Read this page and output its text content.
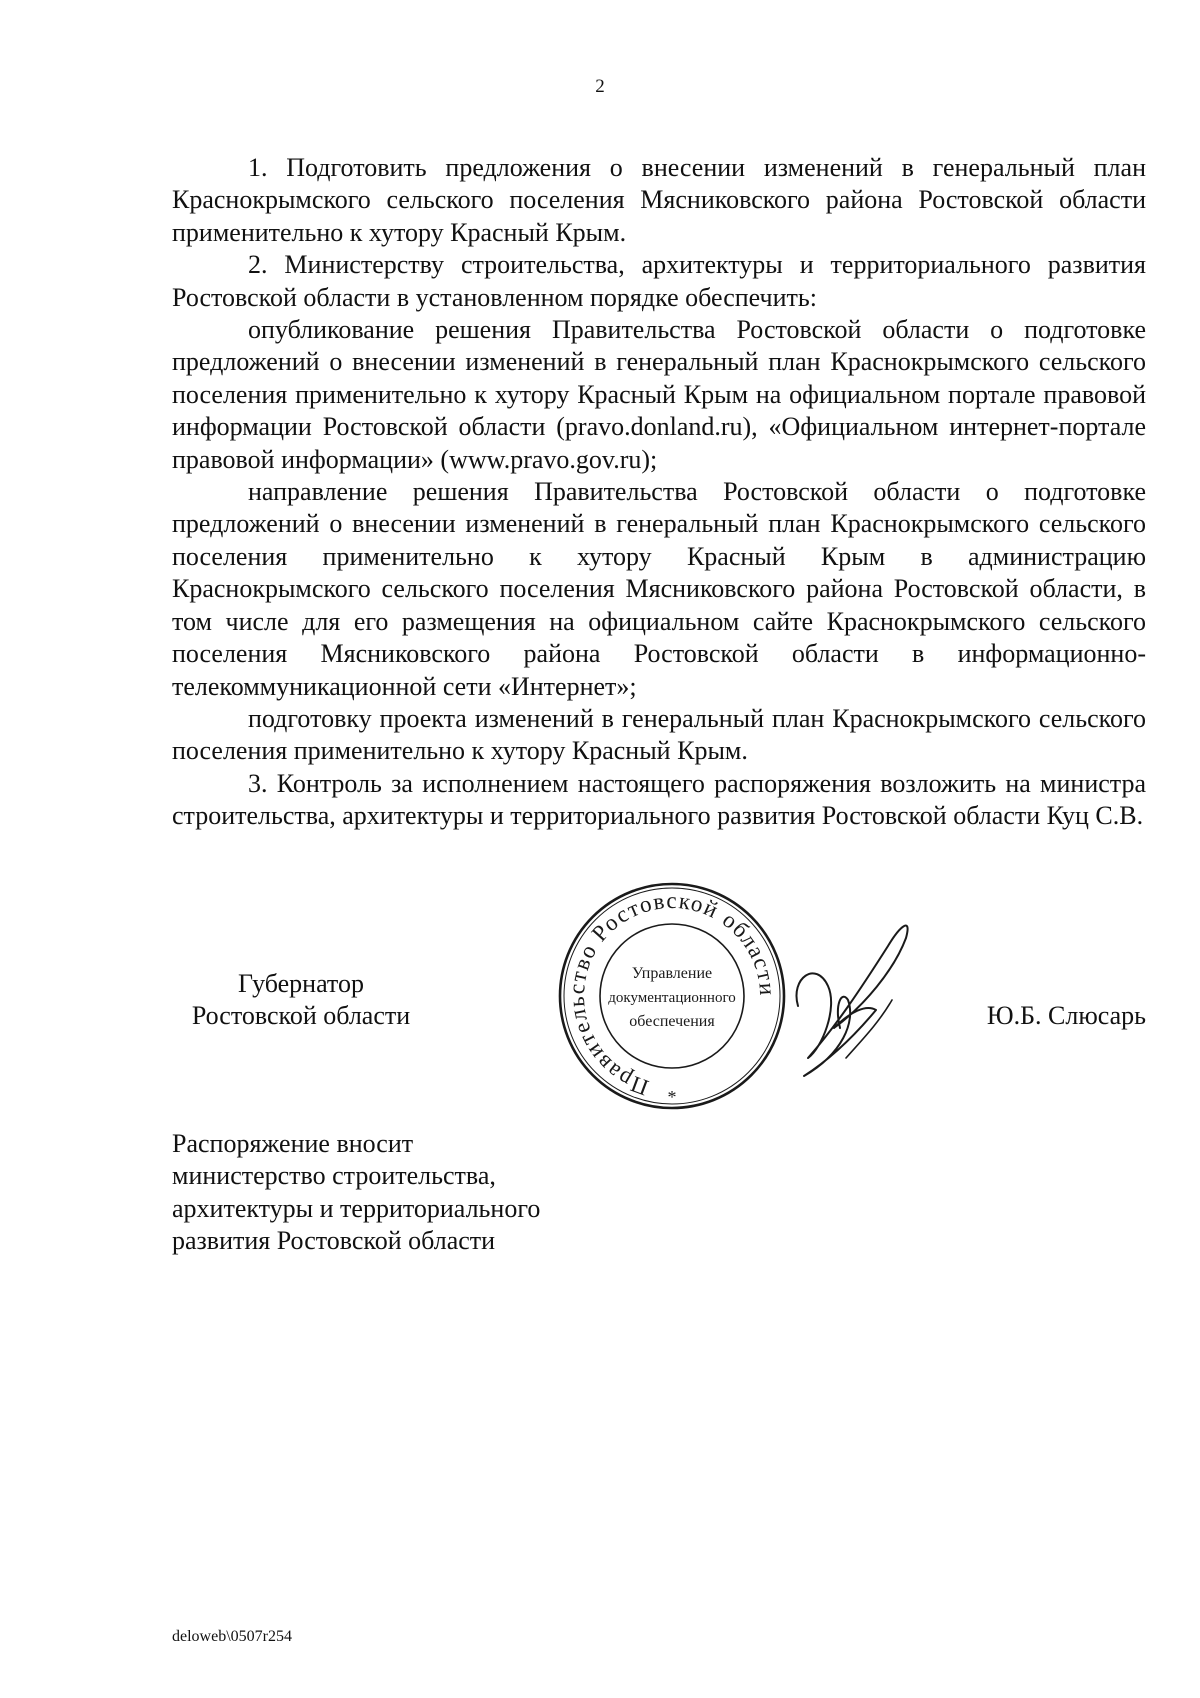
2

1. Подготовить предложения о внесении изменений в генеральный план Краснокрымского сельского поселения Мясниковского района Ростовской области применительно к хутору Красный Крым.

2. Министерству строительства, архитектуры и территориального развития Ростовской области в установленном порядке обеспечить:

опубликование решения Правительства Ростовской области о подготовке предложений о внесении изменений в генеральный план Краснокрымского сельского поселения применительно к хутору Красный Крым на официальном портале правовой информации Ростовской области (pravo.donland.ru), «Официальном интернет-портале правовой информации» (www.pravo.gov.ru);

направление решения Правительства Ростовской области о подготовке предложений о внесении изменений в генеральный план Краснокрымского сельского поселения применительно к хутору Красный Крым в администрацию Краснокрымского сельского поселения Мясниковского района Ростовской области, в том числе для его размещения на официальном сайте Краснокрымского сельского поселения Мясниковского района Ростовской области в информационно-телекоммуникационной сети «Интернет»;

подготовку проекта изменений в генеральный план Краснокрымского сельского поселения применительно к хутору Красный Крым.

3. Контроль за исполнением настоящего распоряжения возложить на министра строительства, архитектуры и территориального развития Ростовской области Куц С.В.

Губернатор
Ростовской области
Правительство Ростовской области
Управление
документационного
обеспечения
*
Ю.Б. Слюсарь
Распоряжение вносит
министерство строительства,
архитектуры и территориального
развития Ростовской области
deloweb\0507r254
